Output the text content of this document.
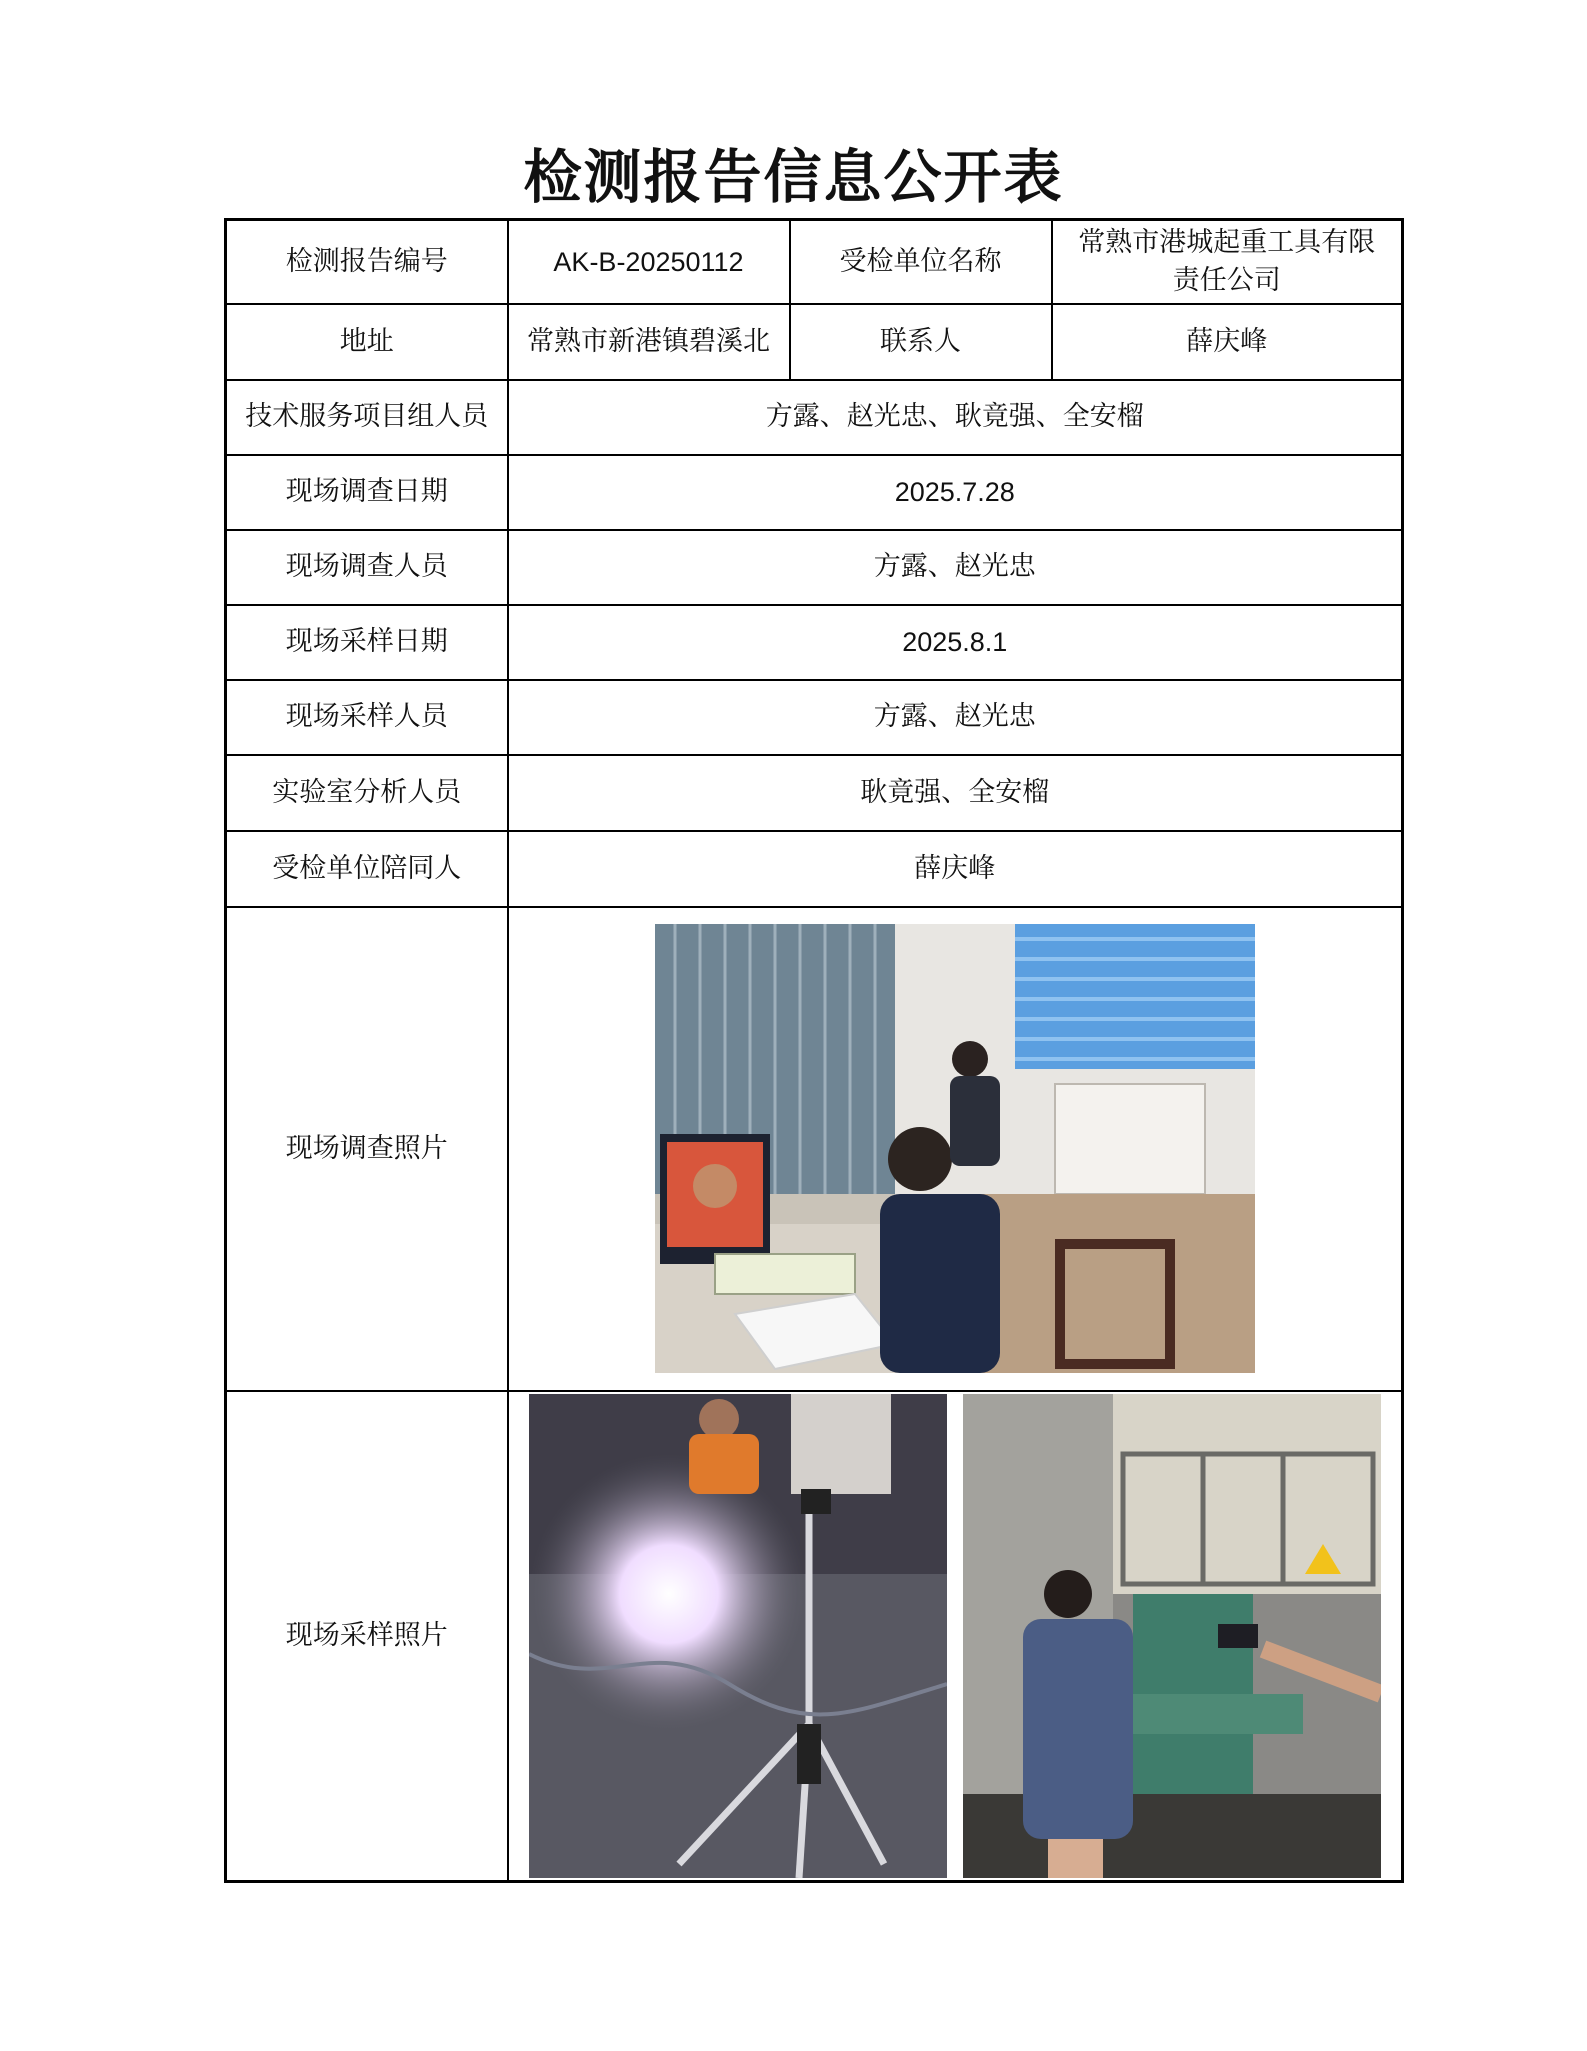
检测报告信息公开表
检测报告编号	AK-B-20250112	受检单位名称	常熟市港城起重工具有限责任公司
地址	常熟市新港镇碧溪北	联系人	薛庆峰
技术服务项目组人员	方露、赵光忠、耿竟强、全安榴		
现场调查日期	2025.7.28		
现场调查人员	方露、赵光忠		
现场采样日期	2025.8.1		
现场采样人员	方露、赵光忠		
实验室分析人员	耿竟强、全安榴		
受检单位陪同人	薛庆峰		
现场调查照片	

现场采样照片	
